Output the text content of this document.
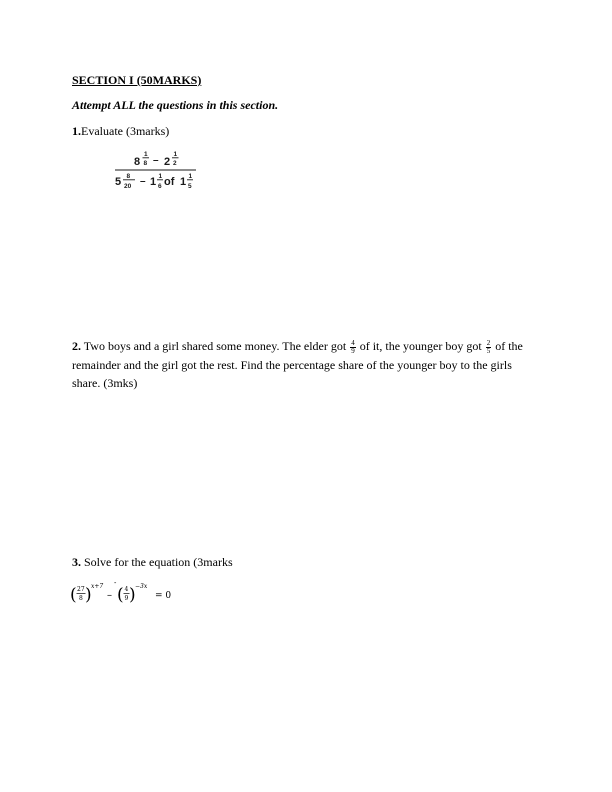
SECTION I (50MARKS)
Attempt ALL the questions in this section.
1.Evaluate (3marks)
8
1
8 – 2
1
2
5 8
20 – 1 1
6 of 1 1
5
2. Two boys and a girl shared some money. The elder got $\frac{4}{9}$ of it, the younger boy got $\frac{2}{5}$ of the remainder and the girl got the rest. Find the percentage share of the younger boy to the girls share. (3mks)
3. Solve for the equation (3marks
( 27
8 ) x+7 -
– ( 4
9 ) −3x
= 0
